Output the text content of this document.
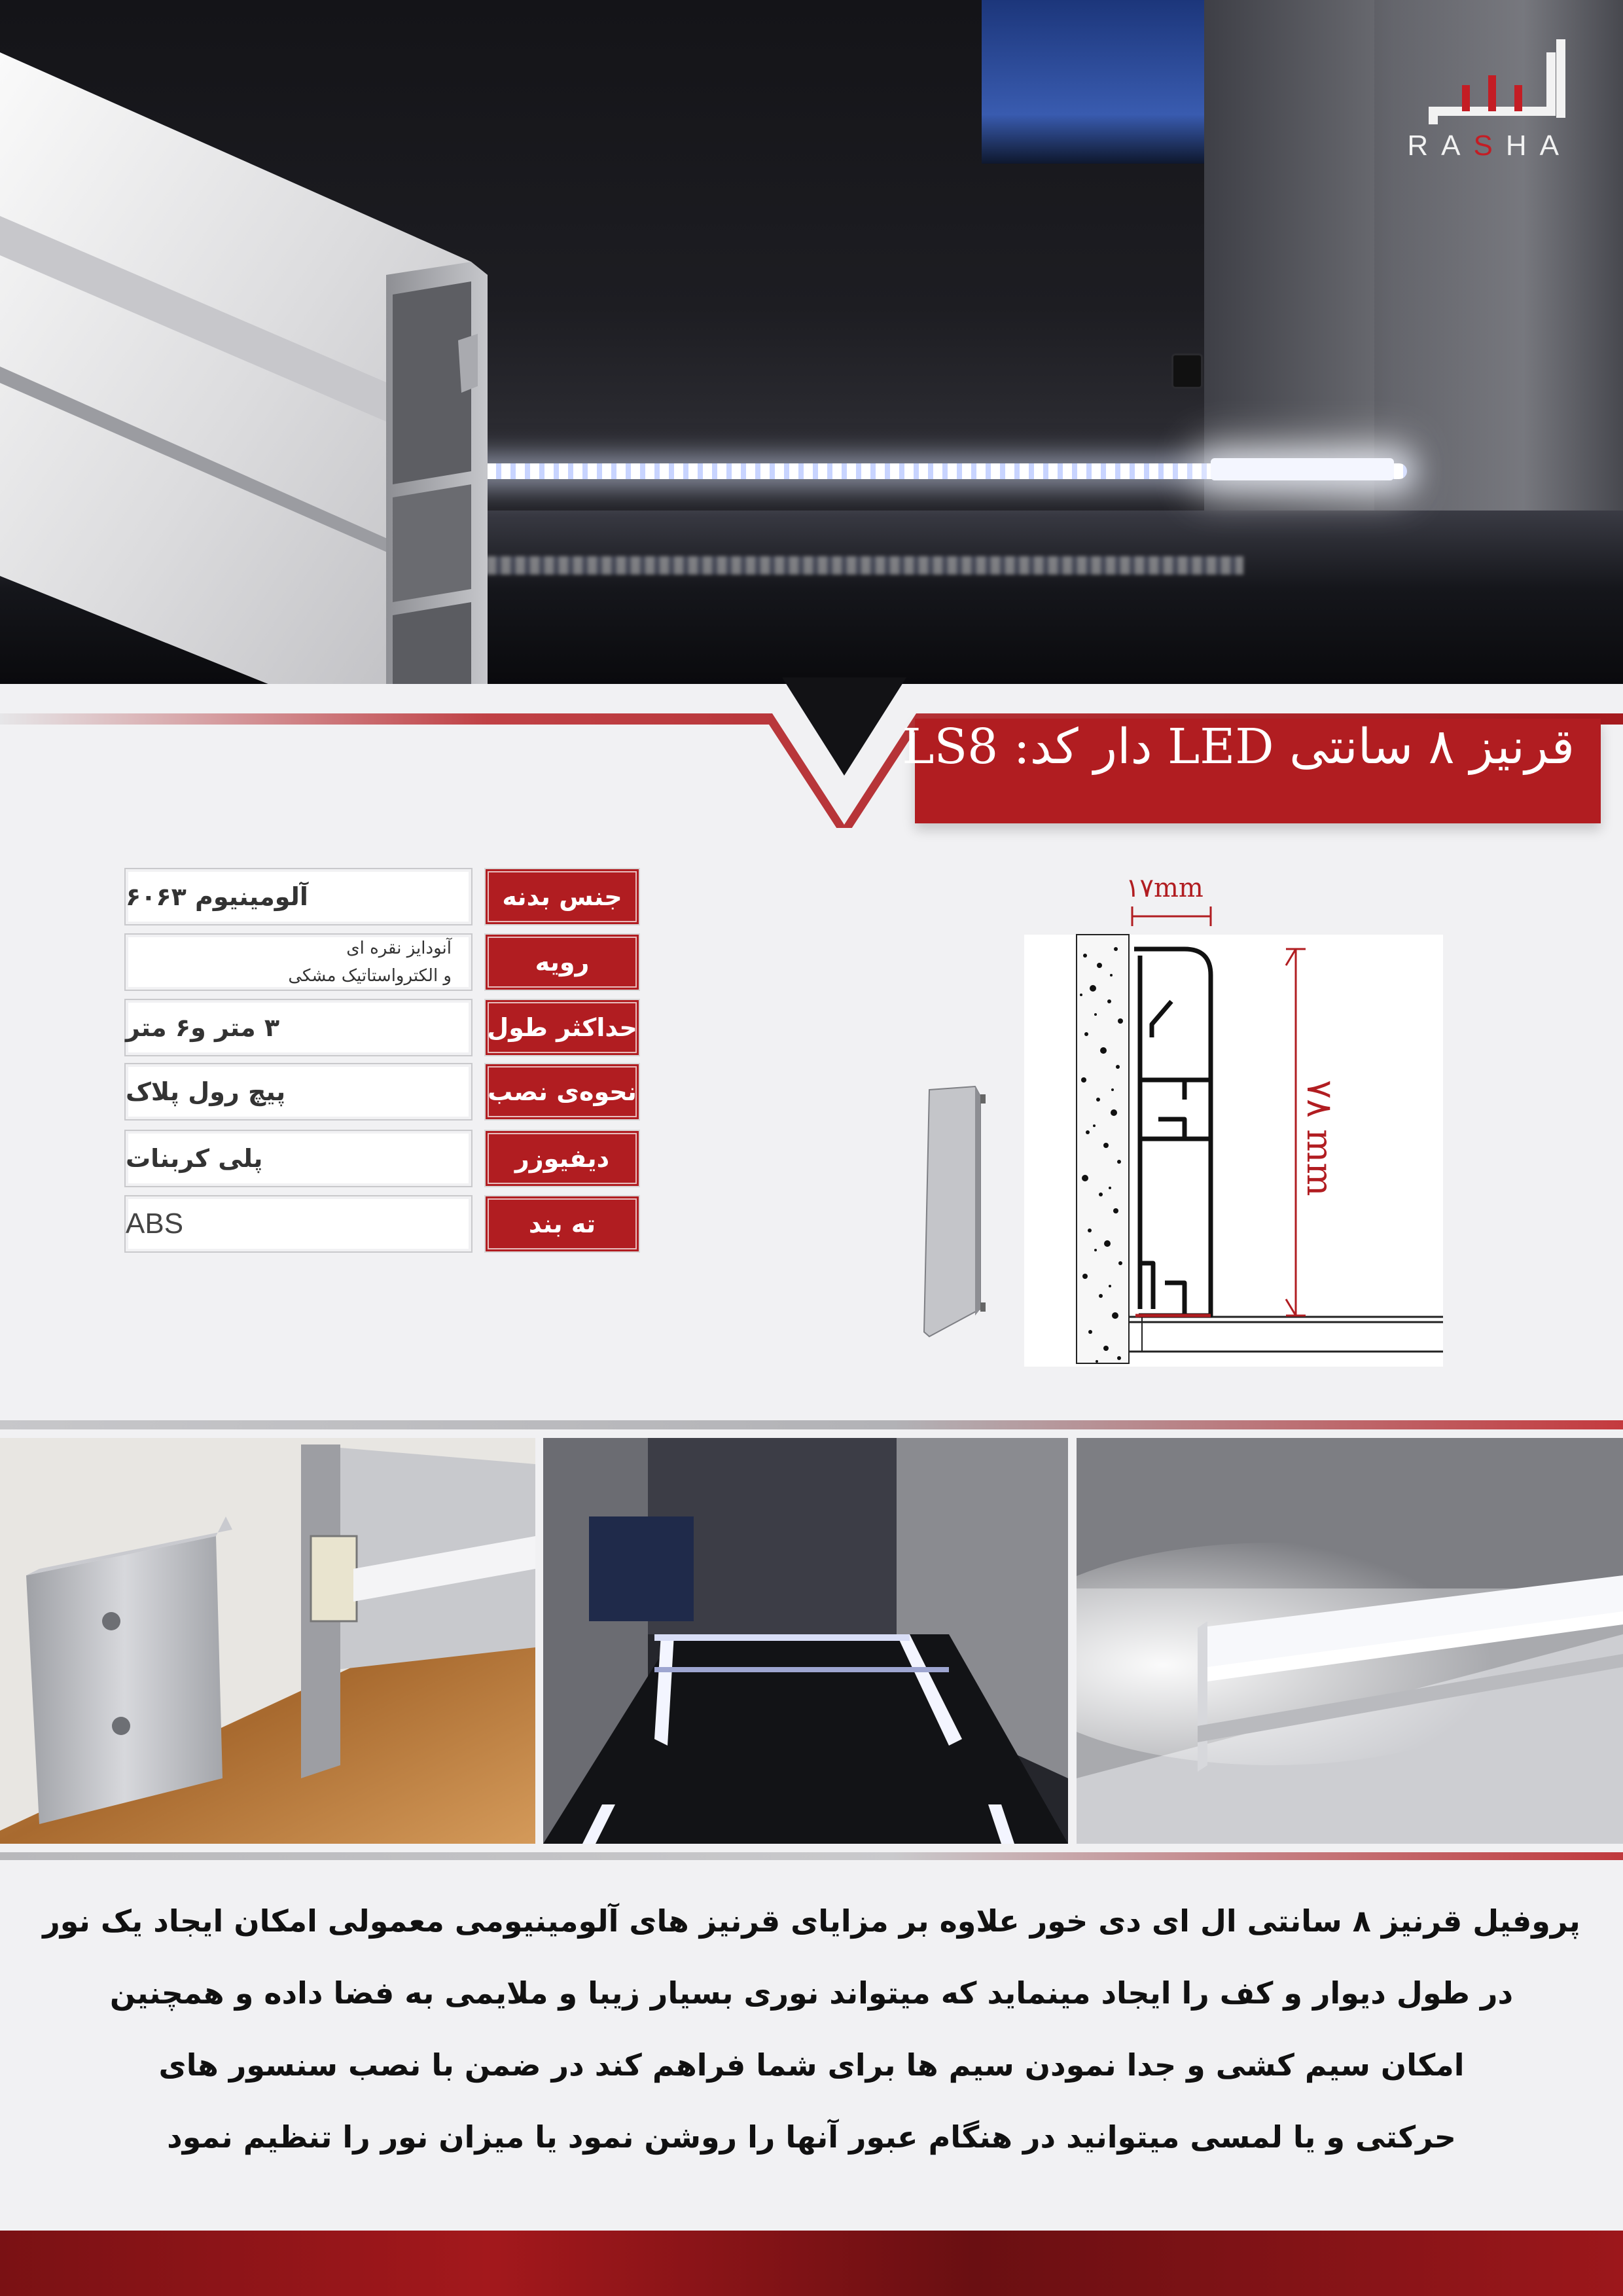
RASHA
قرنیز ۸ سانتی LED دار کد: LS8
آلومینیوم ۶۰۶۳	جنس بدنه
آنودایز نقره ای
و الکترواستاتیک مشکی	رویه
۳ متر و۶ متر	حداکثر طول
پیچ رول پلاک	نحوه‌ی نصب
پلی کربنات	دیفیوزر
ABS	ته بند
۱۷mm
۷۸ mm

پروفیل قرنیز ۸ سانتی ال ای دی خور علاوه بر مزایای قرنیز های آلومینیومی معمولی امکان ایجاد یک نور

در طول دیوار و کف را ایجاد مینماید که میتواند نوری بسیار زیبا و ملایمی به فضا داده و همچنین

امکان سیم کشی و جدا نمودن سیم ها برای شما فراهم کند در ضمن با نصب سنسور های

حرکتی و یا لمسی میتوانید در هنگام عبور آنها را روشن نمود یا میزان نور را تنظیم نمود
